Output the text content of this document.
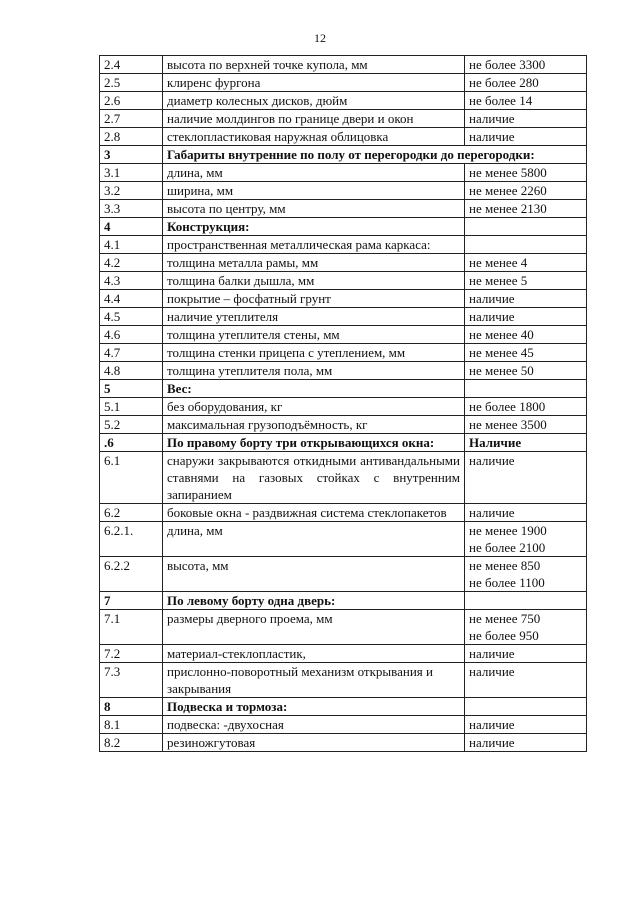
12
2.4	высота по верхней точке купола, мм	не более 3300
2.5	клиренс фургона	не более 280
2.6	диаметр колесных дисков, дюйм	не более 14
2.7	наличие молдингов по границе двери и окон	наличие
2.8	стеклопластиковая наружная облицовка	наличие
3	Габариты внутренние по полу от перегородки до перегородки:	
3.1	длина, мм	не менее 5800
3.2	ширина, мм	не менее 2260
3.3	высота по центру, мм	не менее 2130
4	Конструкция:	
4.1	пространственная металлическая рама каркаса:	
4.2	толщина металла рамы, мм	не менее 4
4.3	толщина балки дышла, мм	не менее 5
4.4	покрытие – фосфатный грунт	наличие
4.5	наличие утеплителя	наличие
4.6	толщина утеплителя стены, мм	не менее 40
4.7	толщина стенки прицепа с утеплением, мм	не менее 45
4.8	толщина утеплителя пола, мм	не менее 50
5	Вес:	
5.1	без оборудования, кг	не более 1800
5.2	максимальная грузоподъёмность, кг	не менее 3500
.6	По правому борту три открывающихся окна:	Наличие
6.1	снаружи закрываются откидными антивандальными ставнями на газовых стойках с внутренним запиранием	наличие
6.2	боковые окна - раздвижная система стеклопакетов	наличие
6.2.1.	длина, мм	не менее 1900
не более 2100

6.2.2	высота, мм	не менее 850
не более 1100

7	По левому борту одна дверь:	
7.1	размеры дверного проема, мм	не менее 750
не более 950

7.2	материал-стеклопластик,	наличие
7.3	прислонно-поворотный механизм открывания и закрывания	наличие
8	Подвеска и тормоза:	
8.1	подвеска: -двухосная	наличие
8.2	резиножгутовая	наличие
